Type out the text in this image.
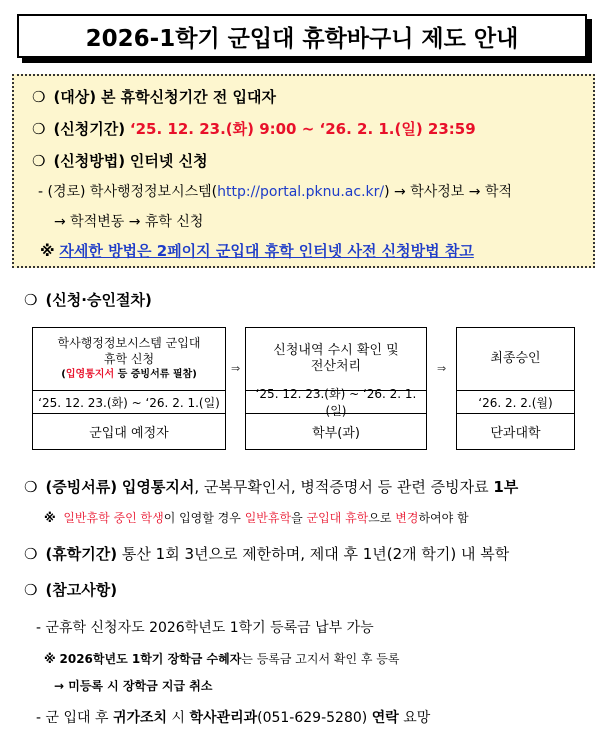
2026-1학기 군입대 휴학바구니 제도 안내
❍ (대상) 본 휴학신청기간 전 입대자
❍ (신청기간) ‘25. 12. 23.(화) 9:00 ~ ‘26. 2. 1.(일) 23:59
❍ (신청방법) 인터넷 신청
- (경로) 학사행정정보시스템(http://portal.pknu.ac.kr/) → 학사정보 → 학적
→ 학적변동 → 휴학 신청
※ 자세한 방법은 2페이지 군입대 휴학 인터넷 사전 신청방법 참고
❍ (신청·승인절차)
학사행정정보시스템 군입대
휴학 신청
(입영통지서 등 증빙서류 필참)
‘25. 12. 23.(화) ~ ‘26. 2. 1.(일)
군입대 예정자
⇒
신청내역 수시 확인 및
전산처리
‘25. 12. 23.(화) ~ ‘26. 2. 1.(일)
학부(과)
⇒
최종승인
‘26. 2. 2.(월)
단과대학
❍ (증빙서류) 입영통지서, 군복무확인서, 병적증명서 등 관련 증빙자료 1부
※ 일반휴학 중인 학생이 입영할 경우 일반휴학을 군입대 휴학으로 변경하여야 함
❍ (휴학기간) 통산 1회 3년으로 제한하며, 제대 후 1년(2개 학기) 내 복학
❍ (참고사항)
- 군휴학 신청자도 2026학년도 1학기 등록금 납부 가능
※ 2026학년도 1학기 장학금 수혜자는 등록금 고지서 확인 후 등록
→ 미등록 시 장학금 지급 취소
- 군 입대 후 귀가조치 시 학사관리과(051-629-5280) 연락 요망
